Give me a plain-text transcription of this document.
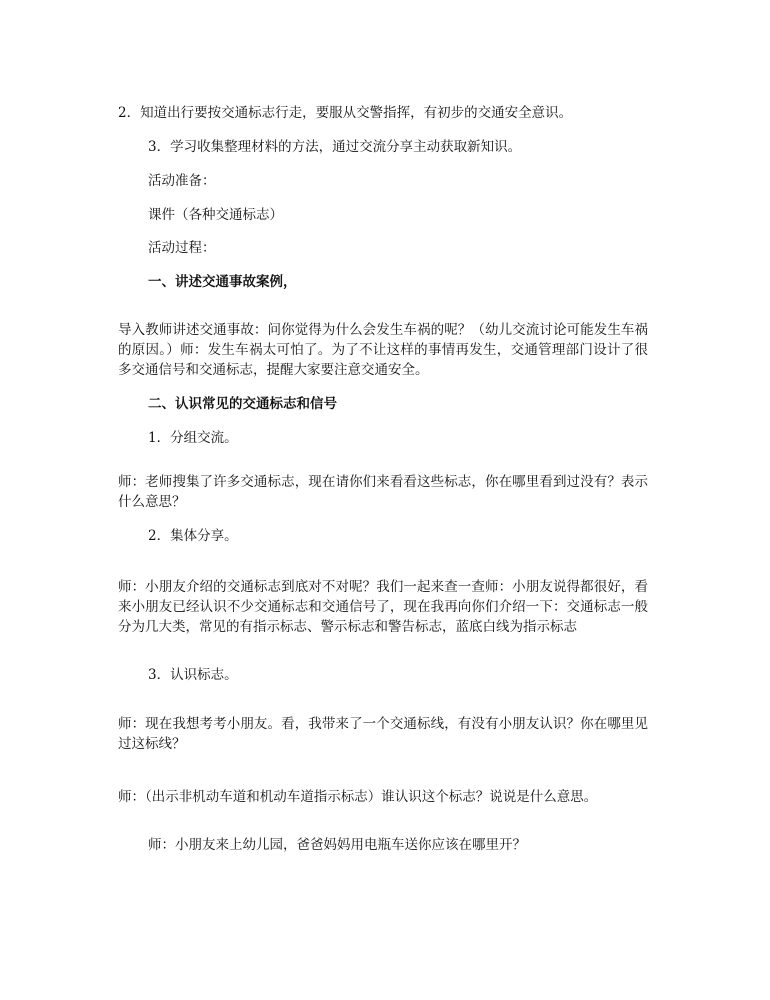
2．知道出行要按交通标志行走，要服从交警指挥，有初步的交通安全意识。
3．学习收集整理材料的方法，通过交流分享主动获取新知识。
活动准备：
课件（各种交通标志）
活动过程：
一、讲述交通事故案例，
导入教师讲述交通事故：问你觉得为什么会发生车祸的呢？（幼儿交流讨论可能发生车祸的原因。）师：发生车祸太可怕了。为了不让这样的事情再发生，交通管理部门设计了很多交通信号和交通标志，提醒大家要注意交通安全。
二、认识常见的交通标志和信号
1．分组交流。
师：老师搜集了许多交通标志，现在请你们来看看这些标志，你在哪里看到过没有？表示什么意思？
2．集体分享。
师：小朋友介绍的交通标志到底对不对呢？我们一起来查一查师：小朋友说得都很好，看来小朋友已经认识不少交通标志和交通信号了，现在我再向你们介绍一下：交通标志一般分为几大类，常见的有指示标志、警示标志和警告标志，蓝底白线为指示标志
3．认识标志。
师：现在我想考考小朋友。看，我带来了一个交通标线，有没有小朋友认识？你在哪里见过这标线？
师：（出示非机动车道和机动车道指示标志）谁认识这个标志？说说是什么意思。
师：小朋友来上幼儿园，爸爸妈妈用电瓶车送你应该在哪里开？
